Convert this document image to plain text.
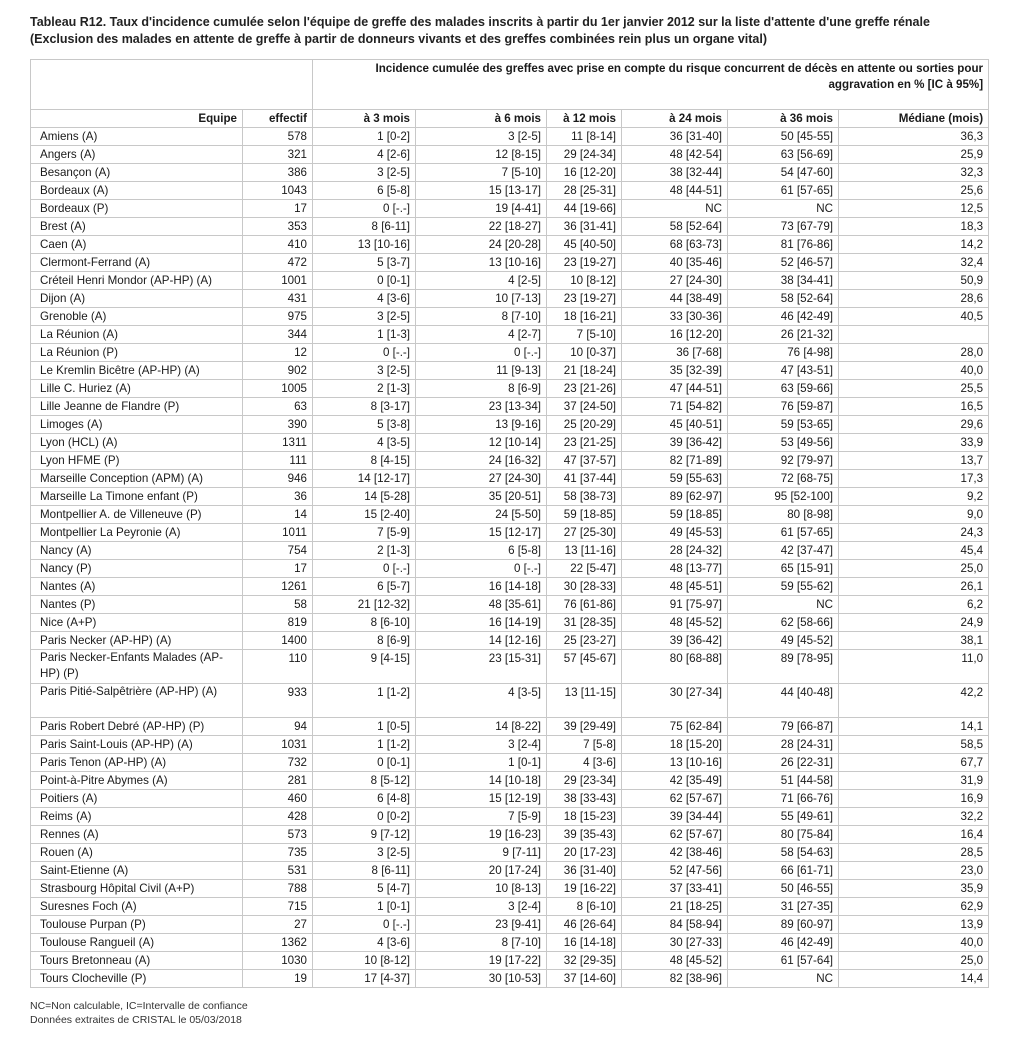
Tableau R12. Taux d'incidence cumulée selon l'équipe de greffe des malades inscrits à partir du 1er janvier 2012 sur la liste d'attente d'une greffe rénale (Exclusion des malades en attente de greffe à partir de donneurs vivants et des greffes combinées rein plus un organe vital)
		Incidence cumulée des greffes avec prise en compte du risque concurrent de décès en attente ou sorties pour aggravation en % [IC à 95%]					
Equipe	effectif	à 3 mois	à 6 mois	à 12 mois	à 24 mois	à 36 mois	Médiane (mois)
Amiens (A)	578	1 [0-2]	3 [2-5]	11 [8-14]	36 [31-40]	50 [45-55]	36,3
Angers (A)	321	4 [2-6]	12 [8-15]	29 [24-34]	48 [42-54]	63 [56-69]	25,9
Besançon (A)	386	3 [2-5]	7 [5-10]	16 [12-20]	38 [32-44]	54 [47-60]	32,3
Bordeaux (A)	1043	6 [5-8]	15 [13-17]	28 [25-31]	48 [44-51]	61 [57-65]	25,6
Bordeaux (P)	17	0 [-.-]	19 [4-41]	44 [19-66]	NC	NC	12,5
Brest (A)	353	8 [6-11]	22 [18-27]	36 [31-41]	58 [52-64]	73 [67-79]	18,3
Caen (A)	410	13 [10-16]	24 [20-28]	45 [40-50]	68 [63-73]	81 [76-86]	14,2
Clermont-Ferrand (A)	472	5 [3-7]	13 [10-16]	23 [19-27]	40 [35-46]	52 [46-57]	32,4
Créteil Henri Mondor (AP-HP) (A)	1001	0 [0-1]	4 [2-5]	10 [8-12]	27 [24-30]	38 [34-41]	50,9
Dijon (A)	431	4 [3-6]	10 [7-13]	23 [19-27]	44 [38-49]	58 [52-64]	28,6
Grenoble (A)	975	3 [2-5]	8 [7-10]	18 [16-21]	33 [30-36]	46 [42-49]	40,5
La Réunion (A)	344	1 [1-3]	4 [2-7]	7 [5-10]	16 [12-20]	26 [21-32]	
La Réunion (P)	12	0 [-.-]	0 [-.-]	10 [0-37]	36 [7-68]	76 [4-98]	28,0
Le Kremlin Bicêtre (AP-HP) (A)	902	3 [2-5]	11 [9-13]	21 [18-24]	35 [32-39]	47 [43-51]	40,0
Lille C. Huriez (A)	1005	2 [1-3]	8 [6-9]	23 [21-26]	47 [44-51]	63 [59-66]	25,5
Lille Jeanne de Flandre (P)	63	8 [3-17]	23 [13-34]	37 [24-50]	71 [54-82]	76 [59-87]	16,5
Limoges (A)	390	5 [3-8]	13 [9-16]	25 [20-29]	45 [40-51]	59 [53-65]	29,6
Lyon (HCL) (A)	1311	4 [3-5]	12 [10-14]	23 [21-25]	39 [36-42]	53 [49-56]	33,9
Lyon HFME (P)	111	8 [4-15]	24 [16-32]	47 [37-57]	82 [71-89]	92 [79-97]	13,7
Marseille Conception (APM) (A)	946	14 [12-17]	27 [24-30]	41 [37-44]	59 [55-63]	72 [68-75]	17,3
Marseille La Timone enfant (P)	36	14 [5-28]	35 [20-51]	58 [38-73]	89 [62-97]	95 [52-100]	9,2
Montpellier A. de Villeneuve (P)	14	15 [2-40]	24 [5-50]	59 [18-85]	59 [18-85]	80 [8-98]	9,0
Montpellier La Peyronie (A)	1011	7 [5-9]	15 [12-17]	27 [25-30]	49 [45-53]	61 [57-65]	24,3
Nancy (A)	754	2 [1-3]	6 [5-8]	13 [11-16]	28 [24-32]	42 [37-47]	45,4
Nancy (P)	17	0 [-.-]	0 [-.-]	22 [5-47]	48 [13-77]	65 [15-91]	25,0
Nantes (A)	1261	6 [5-7]	16 [14-18]	30 [28-33]	48 [45-51]	59 [55-62]	26,1
Nantes (P)	58	21 [12-32]	48 [35-61]	76 [61-86]	91 [75-97]	NC	6,2
Nice (A+P)	819	8 [6-10]	16 [14-19]	31 [28-35]	48 [45-52]	62 [58-66]	24,9
Paris Necker (AP-HP) (A)	1400	8 [6-9]	14 [12-16]	25 [23-27]	39 [36-42]	49 [45-52]	38,1
Paris Necker-Enfants Malades (AP-HP) (P)	110	9 [4-15]	23 [15-31]	57 [45-67]	80 [68-88]	89 [78-95]	11,0
Paris Pitié-Salpêtrière (AP-HP) (A)	933	1 [1-2]	4 [3-5]	13 [11-15]	30 [27-34]	44 [40-48]	42,2
Paris Robert Debré (AP-HP) (P)	94	1 [0-5]	14 [8-22]	39 [29-49]	75 [62-84]	79 [66-87]	14,1
Paris Saint-Louis (AP-HP) (A)	1031	1 [1-2]	3 [2-4]	7 [5-8]	18 [15-20]	28 [24-31]	58,5
Paris Tenon (AP-HP) (A)	732	0 [0-1]	1 [0-1]	4 [3-6]	13 [10-16]	26 [22-31]	67,7
Point-à-Pitre Abymes (A)	281	8 [5-12]	14 [10-18]	29 [23-34]	42 [35-49]	51 [44-58]	31,9
Poitiers (A)	460	6 [4-8]	15 [12-19]	38 [33-43]	62 [57-67]	71 [66-76]	16,9
Reims (A)	428	0 [0-2]	7 [5-9]	18 [15-23]	39 [34-44]	55 [49-61]	32,2
Rennes (A)	573	9 [7-12]	19 [16-23]	39 [35-43]	62 [57-67]	80 [75-84]	16,4
Rouen (A)	735	3 [2-5]	9 [7-11]	20 [17-23]	42 [38-46]	58 [54-63]	28,5
Saint-Etienne (A)	531	8 [6-11]	20 [17-24]	36 [31-40]	52 [47-56]	66 [61-71]	23,0
Strasbourg Hôpital Civil (A+P)	788	5 [4-7]	10 [8-13]	19 [16-22]	37 [33-41]	50 [46-55]	35,9
Suresnes Foch (A)	715	1 [0-1]	3 [2-4]	8 [6-10]	21 [18-25]	31 [27-35]	62,9
Toulouse Purpan (P)	27	0 [-.-]	23 [9-41]	46 [26-64]	84 [58-94]	89 [60-97]	13,9
Toulouse Rangueil (A)	1362	4 [3-6]	8 [7-10]	16 [14-18]	30 [27-33]	46 [42-49]	40,0
Tours Bretonneau (A)	1030	10 [8-12]	19 [17-22]	32 [29-35]	48 [45-52]	61 [57-64]	25,0
Tours Clocheville (P)	19	17 [4-37]	30 [10-53]	37 [14-60]	82 [38-96]	NC	14,4
NC=Non calculable, IC=Intervalle de confiance
Données extraites de CRISTAL le 05/03/2018
